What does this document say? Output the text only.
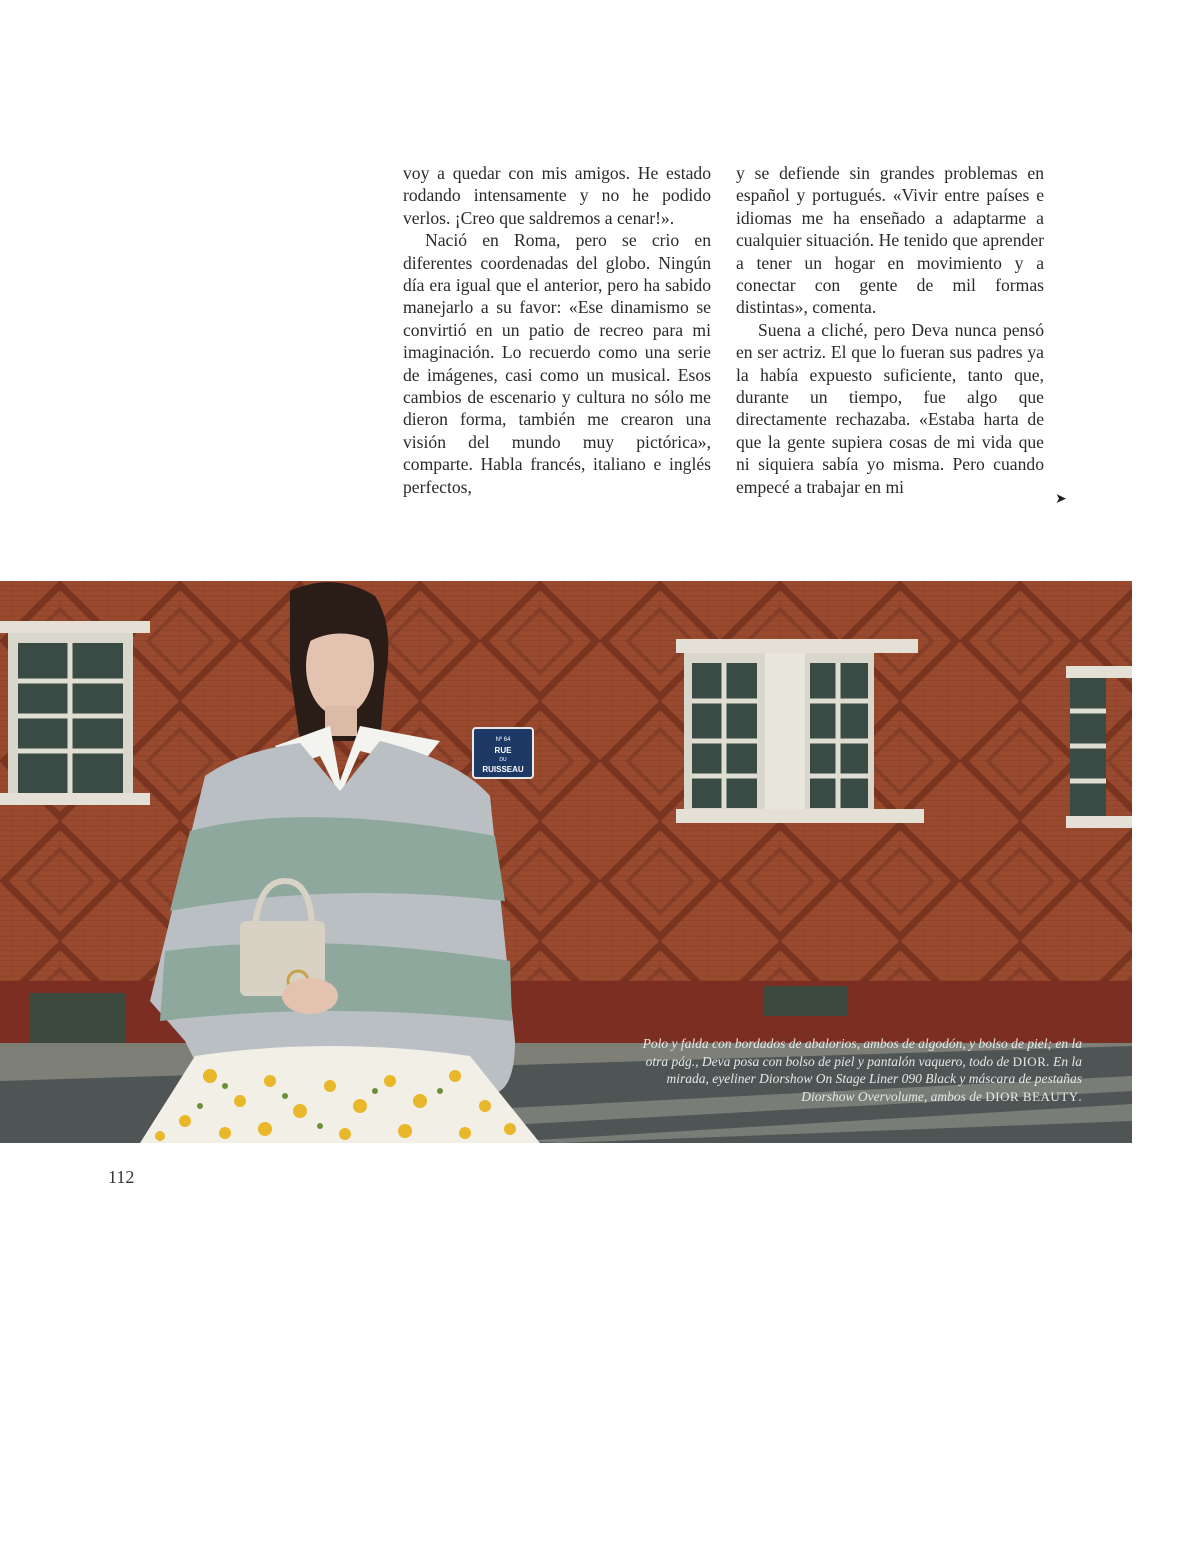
voy a quedar con mis amigos. He estado rodando intensamente y no he podido verlos. ¡Creo que saldremos a cenar!».

Nació en Roma, pero se crio en diferentes coordenadas del globo. Ningún día era igual que el anterior, pero ha sabido manejarlo a su favor: «Ese dinamismo se convirtió en un patio de recreo para mi imaginación. Lo recuerdo como una serie de imágenes, casi como un musical. Esos cambios de escenario y cultura no sólo me dieron forma, también me crearon una visión del mundo muy pictórica», comparte. Habla francés, italiano e inglés perfectos,

y se defiende sin grandes problemas en español y portugués. «Vivir entre países e idiomas me ha enseñado a adaptarme a cualquier situación. He tenido que aprender a tener un hogar en movimiento y a conectar con gente de mil formas distintas», comenta.

Suena a cliché, pero Deva nunca pensó en ser actriz. El que lo fueran sus padres ya la había expuesto suficiente, tanto que, durante un tiempo, fue algo que directamente rechazaba. «Estaba harta de que la gente supiera cosas de mi vida que ni siquiera sabía yo misma. Pero cuando empecé a trabajar en mi

➤
Nº 64
RUE
DU
RUISSEAU
Polo y falda con bordados de abalorios, ambos de algodón, y bolso de piel; en la otra pág., Deva posa con bolso de piel y pantalón vaquero, todo de DIOR. En la mirada, eyeliner Diorshow On Stage Liner 090 Black y máscara de pestañas Diorshow Overvolume, ambos de DIOR BEAUTY.
112
